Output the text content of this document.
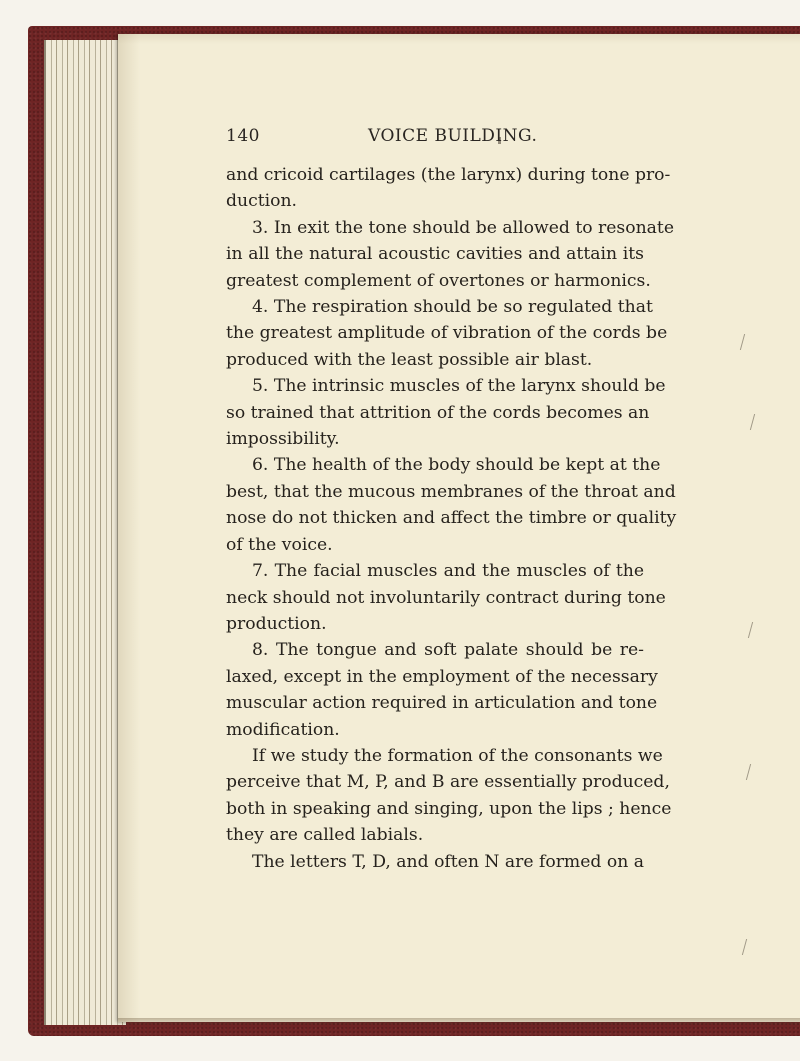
140	VOICE BUILDING.
and cricoid cartilages (the larynx) during tone pro-
duction.
3. In exit the tone should be allowed to resonate
in all the natural acoustic cavities and attain its
greatest complement of overtones or harmonics.
4. The respiration should be so regulated that
the greatest amplitude of vibration of the cords be
produced with the least possible air blast.
5. The intrinsic muscles of the larynx should be
so trained that attrition of the cords becomes an
impossibility.
6. The health of the body should be kept at the
best, that the mucous membranes of the throat and
nose do not thicken and affect the timbre or quality
of the voice.
7. The facial muscles and the muscles of the
neck should not involuntarily contract during tone
production.
8. The tongue and soft palate should be re-
laxed, except in the employment of the necessary
muscular action required in articulation and tone
modification.
If we study the formation of the consonants we
perceive that M, P, and B are essentially produced,
both in speaking and singing, upon the lips ; hence
they are called labials.
The letters T, D, and often N are formed on a
